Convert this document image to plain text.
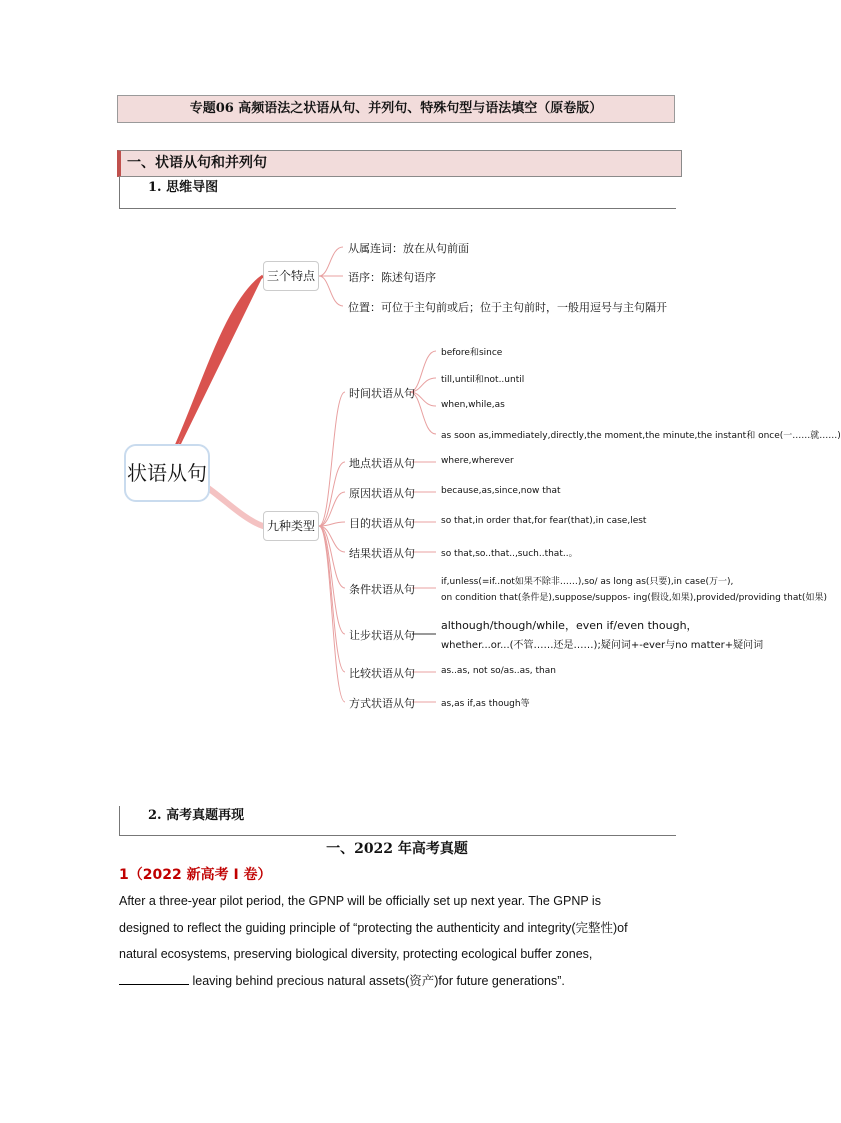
专题06 高频语法之状语从句、并列句、特殊句型与语法填空（原卷版）
一、状语从句和并列句
1. 思维导图
状语从句
三个特点
九种类型
从属连词：放在从句前面
语序：陈述句语序
位置：可位于主句前或后；位于主句前时，一般用逗号与主句隔开
时间状语从句
地点状语从句
原因状语从句
目的状语从句
结果状语从句
条件状语从句
让步状语从句
比较状语从句
方式状语从句
before和since
till,until和not..until
when,while,as
as soon as,immediately,directly,the moment,the minute,the instant和 once(一……就……)
where,wherever
because,as,since,now that
so that,in order that,for fear(that),in case,lest
so that,so..that..,such..that..。
if,unless(=if..not如果不除非……),so/ as long as(只要),in case(万一),
on condition that(条件是),suppose/suppos- ing(假设,如果),provided/providing that(如果)
although/though/while，even if/even though，
whether...or...(不管……还是……);疑问词+-ever与no matter+疑问词
as..as, not so/as..as, than
as,as if,as though等
2. 高考真题再现
一、2022 年高考真题
1（2022 新高考 I 卷）
After a three-year pilot period, the GPNP will be officially set up next year. The GPNP is
designed to reflect the guiding principle of “protecting the authenticity and integrity(完整性)of
natural ecosystems, preserving biological diversity, protecting ecological buffer zones,
leaving behind precious natural assets(资产)for future generations”.
